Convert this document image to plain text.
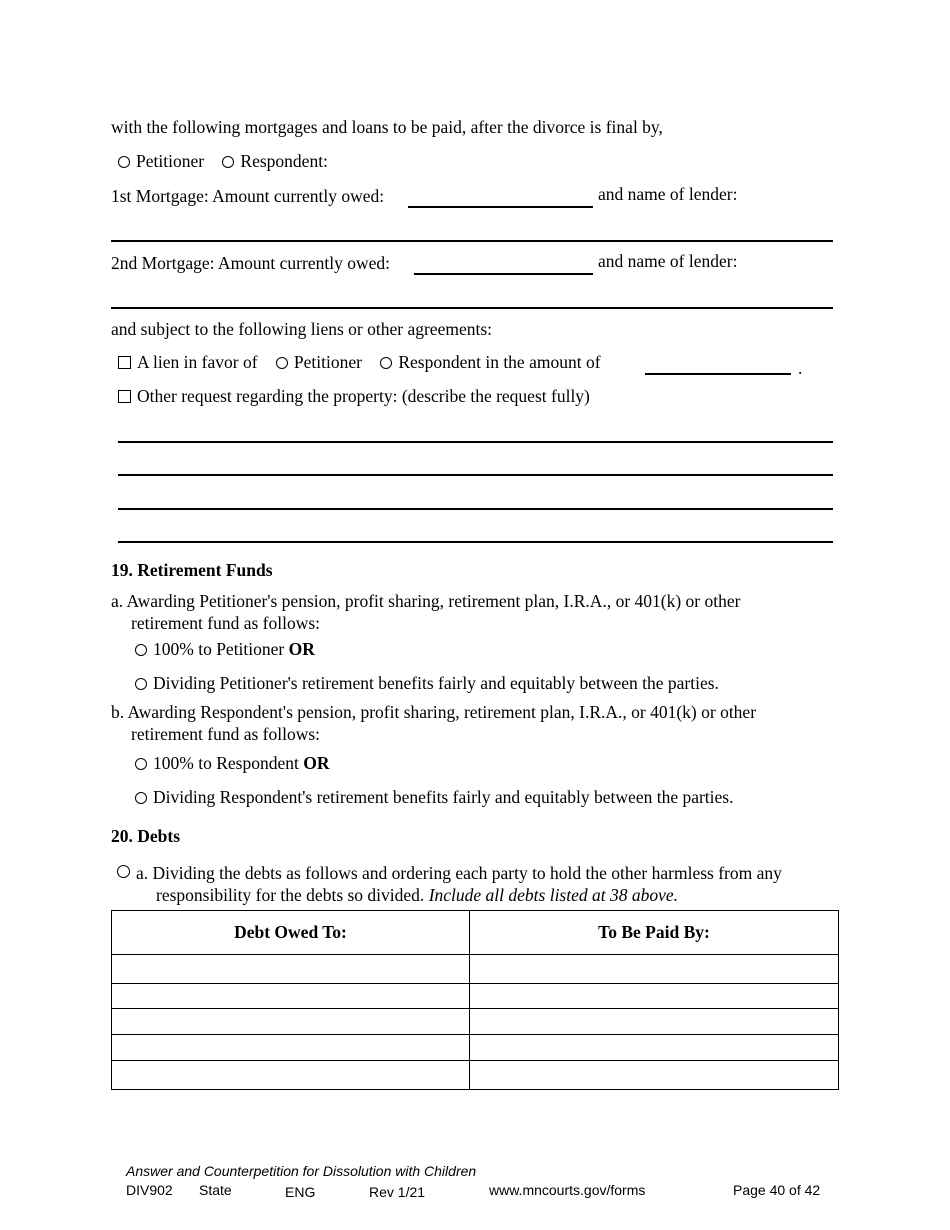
with the following mortgages and loans to be paid, after the divorce is final by,
Petitioner Respondent:
1st Mortgage: Amount currently owed:	and name of lender:
2nd Mortgage: Amount currently owed:	and name of lender:
and subject to the following liens or other agreements:
A lien in favor of Petitioner Respondent in the amount of	.
Other request regarding the property: (describe the request fully)
19. Retirement Funds
a. Awarding Petitioner's pension, profit sharing, retirement plan, I.R.A., or 401(k) or other
retirement fund as follows:
100% to Petitioner OR
Dividing Petitioner's retirement benefits fairly and equitably between the parties.
b. Awarding Respondent's pension, profit sharing, retirement plan, I.R.A., or 401(k) or other
retirement fund as follows:
100% to Respondent OR
Dividing Respondent's retirement benefits fairly and equitably between the parties.
20. Debts
a. Dividing the debts as follows and ordering each party to hold the other harmless from any
responsibility for the debts so divided. Include all debts listed at 38 above.
Debt Owed To:	To Be Paid By:

Answer and Counterpetition for Dissolution with Children
DIV902 State	ENG	Rev 1/21	www.mncourts.gov/forms	Page 40 of 42
